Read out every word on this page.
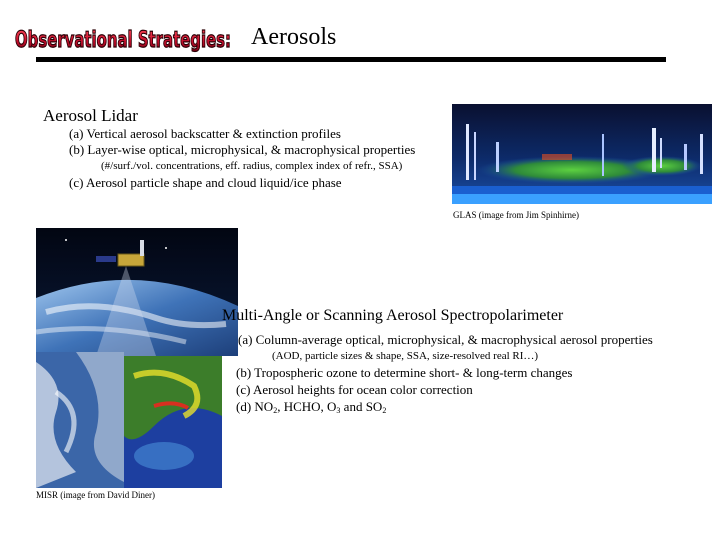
Observational Strategies: Aerosols
Aerosol Lidar
(a) Vertical aerosol backscatter & extinction profiles
(b) Layer-wise optical, microphysical, & macrophysical properties
(#/surf./vol. concentrations, eff. radius, complex index of refr., SSA)
(c) Aerosol particle shape and cloud liquid/ice phase
GLAS (image from Jim Spinhirne)
MISR (image from David Diner)
Multi-Angle or Scanning Aerosol Spectropolarimeter
(a) Column-average optical, microphysical, & macrophysical aerosol properties
(AOD, particle sizes & shape, SSA, size-resolved real RI…)
(b) Tropospheric ozone to determine short- & long-term changes
(c) Aerosol heights for ocean color correction
(d) $NO_2$, HCHO, $O_3$ and $SO_2$
